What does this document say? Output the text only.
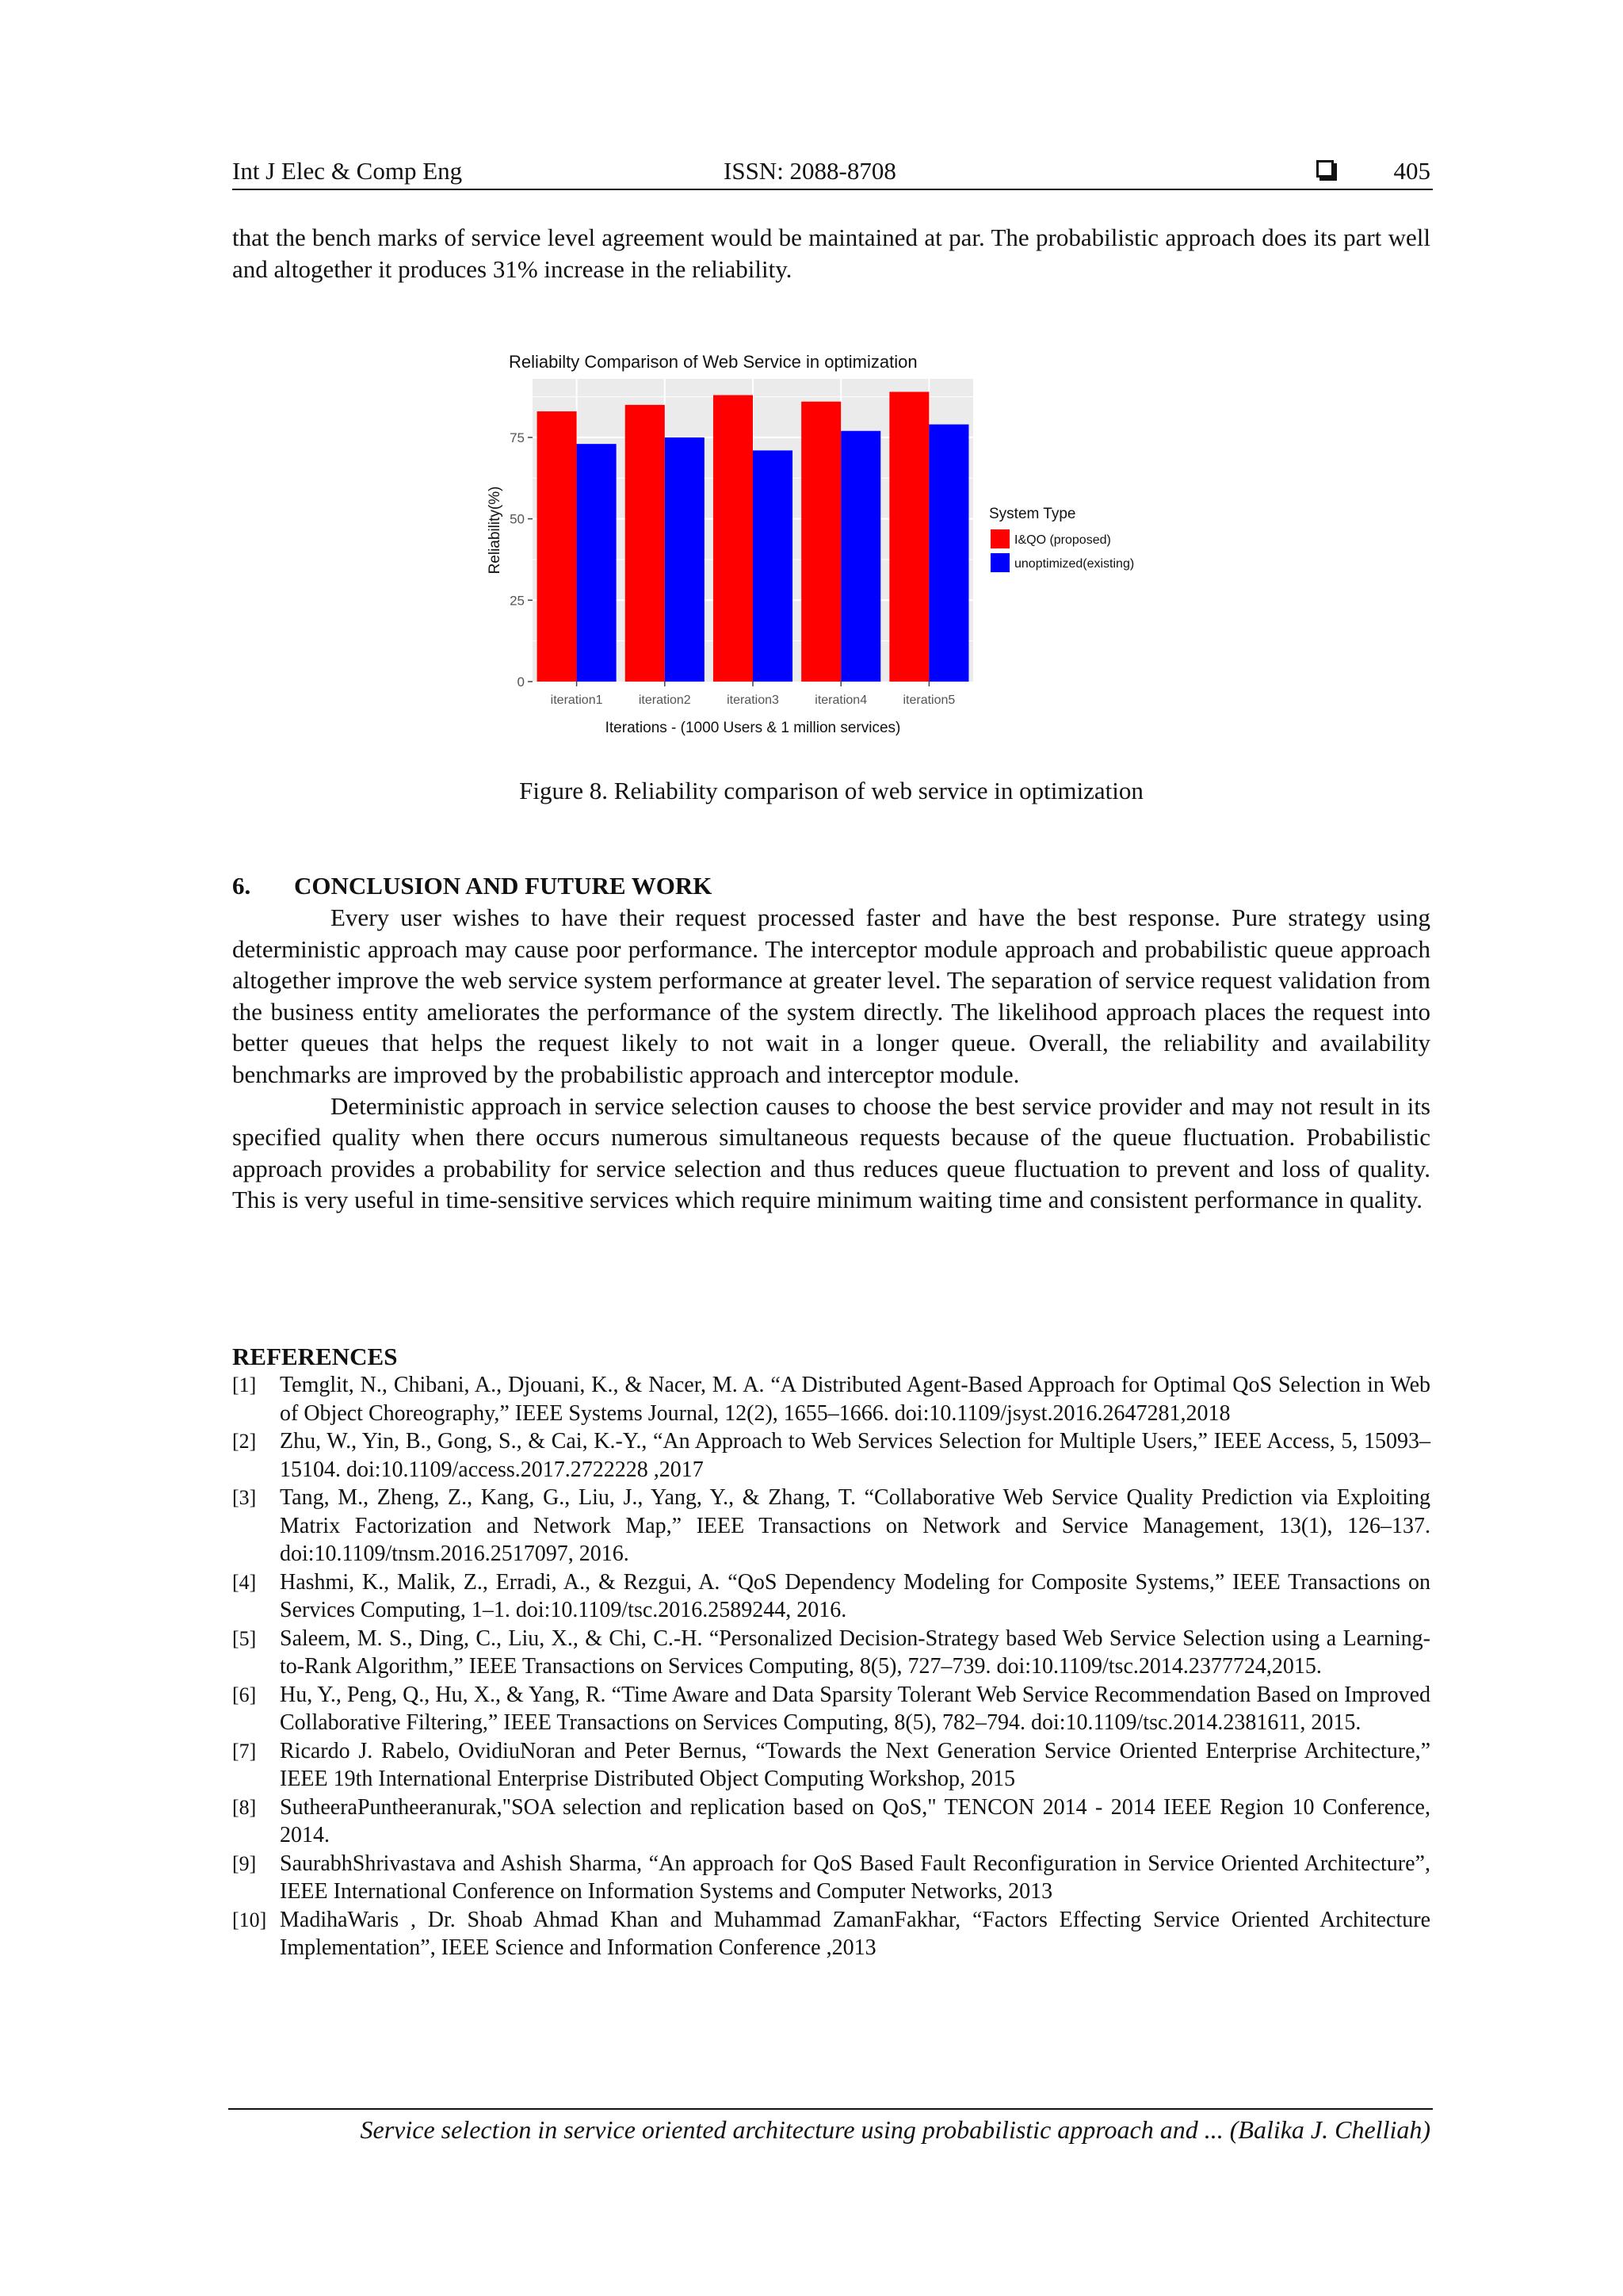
Int J Elec & Comp Eng	ISSN: 2088-8708	405

that the bench marks of service level agreement would be maintained at par. The probabilistic approach does its part well and altogether it produces 31% increase in the reliability.

Reliabilty Comparison of Web Service in optimization
0
25
50
75
iteration1	iteration2	iteration3	iteration4	iteration5
Reliability(%)
Iterations - (1000 Users & 1 million services)
System Type
I&QO (proposed)
unoptimized(existing)
Figure 8. Reliability comparison of web service in optimization
6. CONCLUSION AND FUTURE WORK

Every user wishes to have their request processed faster and have the best response. Pure strategy using deterministic approach may cause poor performance. The interceptor module approach and probabilistic queue approach altogether improve the web service system performance at greater level. The separation of service request validation from the business entity ameliorates the performance of the system directly. The likelihood approach places the request into better queues that helps the request likely to not wait in a longer queue. Overall, the reliability and availability benchmarks are improved by the probabilistic approach and interceptor module.

Deterministic approach in service selection causes to choose the best service provider and may not result in its specified quality when there occurs numerous simultaneous requests because of the queue fluctuation. Probabilistic approach provides a probability for service selection and thus reduces queue fluctuation to prevent and loss of quality. This is very useful in time-sensitive services which require minimum waiting time and consistent performance in quality.

REFERENCES
[1]	Temglit, N., Chibani, A., Djouani, K., & Nacer, M. A. “A Distributed Agent-Based Approach for Optimal QoS Selection in Web of Object Choreography,” IEEE Systems Journal, 12(2), 1655–1666. doi:10.1109/jsyst.2016.2647281,2018
[2]	Zhu, W., Yin, B., Gong, S., & Cai, K.-Y., “An Approach to Web Services Selection for Multiple Users,” IEEE Access, 5, 15093–15104. doi:10.1109/access.2017.2722228 ,2017
[3]	Tang, M., Zheng, Z., Kang, G., Liu, J., Yang, Y., & Zhang, T. “Collaborative Web Service Quality Prediction via Exploiting Matrix Factorization and Network Map,” IEEE Transactions on Network and Service Management, 13(1), 126–137. doi:10.1109/tnsm.2016.2517097, 2016.
[4]	Hashmi, K., Malik, Z., Erradi, A., & Rezgui, A. “QoS Dependency Modeling for Composite Systems,” IEEE Transactions on Services Computing, 1–1. doi:10.1109/tsc.2016.2589244, 2016.
[5]	Saleem, M. S., Ding, C., Liu, X., & Chi, C.-H. “Personalized Decision-Strategy based Web Service Selection using a Learning-to-Rank Algorithm,” IEEE Transactions on Services Computing, 8(5), 727–739. doi:10.1109/tsc.2014.2377724,2015.
[6]	Hu, Y., Peng, Q., Hu, X., & Yang, R. “Time Aware and Data Sparsity Tolerant Web Service Recommendation Based on Improved Collaborative Filtering,” IEEE Transactions on Services Computing, 8(5), 782–794. doi:10.1109/tsc.2014.2381611, 2015.
[7]	Ricardo J. Rabelo, OvidiuNoran and Peter Bernus, “Towards the Next Generation Service Oriented Enterprise Architecture,” IEEE 19th International Enterprise Distributed Object Computing Workshop, 2015
[8]	SutheeraPuntheeranurak,"SOA selection and replication based on QoS," TENCON 2014 - 2014 IEEE Region 10 Conference, 2014.
[9]	SaurabhShrivastava and Ashish Sharma, “An approach for QoS Based Fault Reconfiguration in Service Oriented Architecture”, IEEE International Conference on Information Systems and Computer Networks, 2013
[10] MadihaWaris , Dr. Shoab Ahmad Khan and Muhammad ZamanFakhar, “Factors Effecting Service Oriented Architecture Implementation”, IEEE Science and Information Conference ,2013
Service selection in service oriented architecture using probabilistic approach and ... (Balika J. Chelliah)
